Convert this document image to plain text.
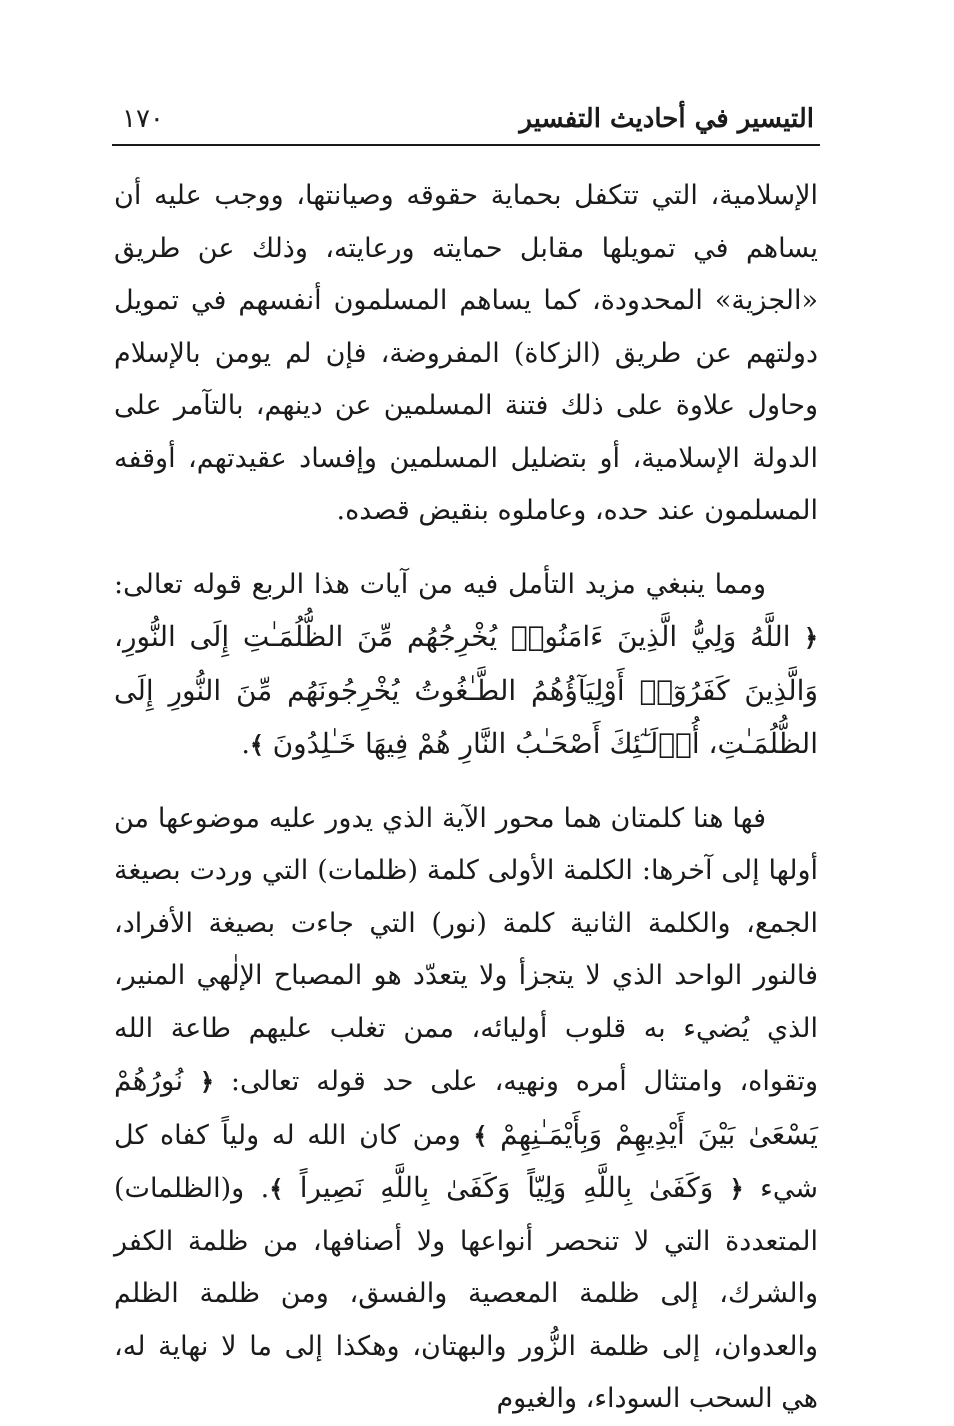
١٧٠	التيسير في أحاديث التفسير

الإسلامية، التي تتكفل بحماية حقوقه وصيانتها، ووجب عليه أن يساهم في تمويلها مقابل حمايته ورعايته، وذلك عن طريق «الجزية» المحدودة، كما يساهم المسلمون أنفسهم في تمويل دولتهم عن طريق (الزكاة) المفروضة، فإن لم يومن بالإسلام وحاول علاوة على ذلك فتنة المسلمين عن دينهم، بالتآمر على الدولة الإسلامية، أو بتضليل المسلمين وإفساد عقيدتهم، أوقفه المسلمون عند حده، وعاملوه بنقيض قصده.

ومما ينبغي مزيد التأمل فيه من آيات هذا الربع قوله تعالى: ﴿ اللَّهُ وَلِيُّ الَّذِينَ ءَامَنُوا۟ يُخْرِجُهُم مِّنَ الظُّلُمَـٰتِ إِلَى النُّورِ، وَالَّذِينَ كَفَرُوٓا۟ أَوْلِيَآؤُهُمُ الطَّـٰغُوتُ يُخْرِجُونَهُم مِّنَ النُّورِ إِلَى الظُّلُمَـٰتِ، أُو۟لَـٰٓئِكَ أَصْحَـٰبُ النَّارِ هُمْ فِيهَا خَـٰلِدُونَ ﴾.

فها هنا كلمتان هما محور الآية الذي يدور عليه موضوعها من أولها إلى آخرها: الكلمة الأولى كلمة (ظلمات) التي وردت بصيغة الجمع، والكلمة الثانية كلمة (نور) التي جاءت بصيغة الأفراد، فالنور الواحد الذي لا يتجزأ ولا يتعدّد هو المصباح الإلٰهي المنير، الذي يُضيء به قلوب أوليائه، ممن تغلب عليهم طاعة الله وتقواه، وامتثال أمره ونهيه، على حد قوله تعالى: ﴿ نُورُهُمْ يَسْعَىٰ بَيْنَ أَيْدِيهِمْ وَبِأَيْمَـٰنِهِمْ ﴾ ومن كان الله له ولياً كفاه كل شيء ﴿ وَكَفَىٰ بِاللَّهِ وَلِيّاً وَكَفَىٰ بِاللَّهِ نَصِيراً ﴾. و(الظلمات) المتعددة التي لا تنحصر أنواعها ولا أصنافها، من ظلمة الكفر والشرك، إلى ظلمة المعصية والفسق، ومن ظلمة الظلم والعدوان، إلى ظلمة الزُّور والبهتان، وهكذا إلى ما لا نهاية له، هي السحب السوداء، والغيوم
